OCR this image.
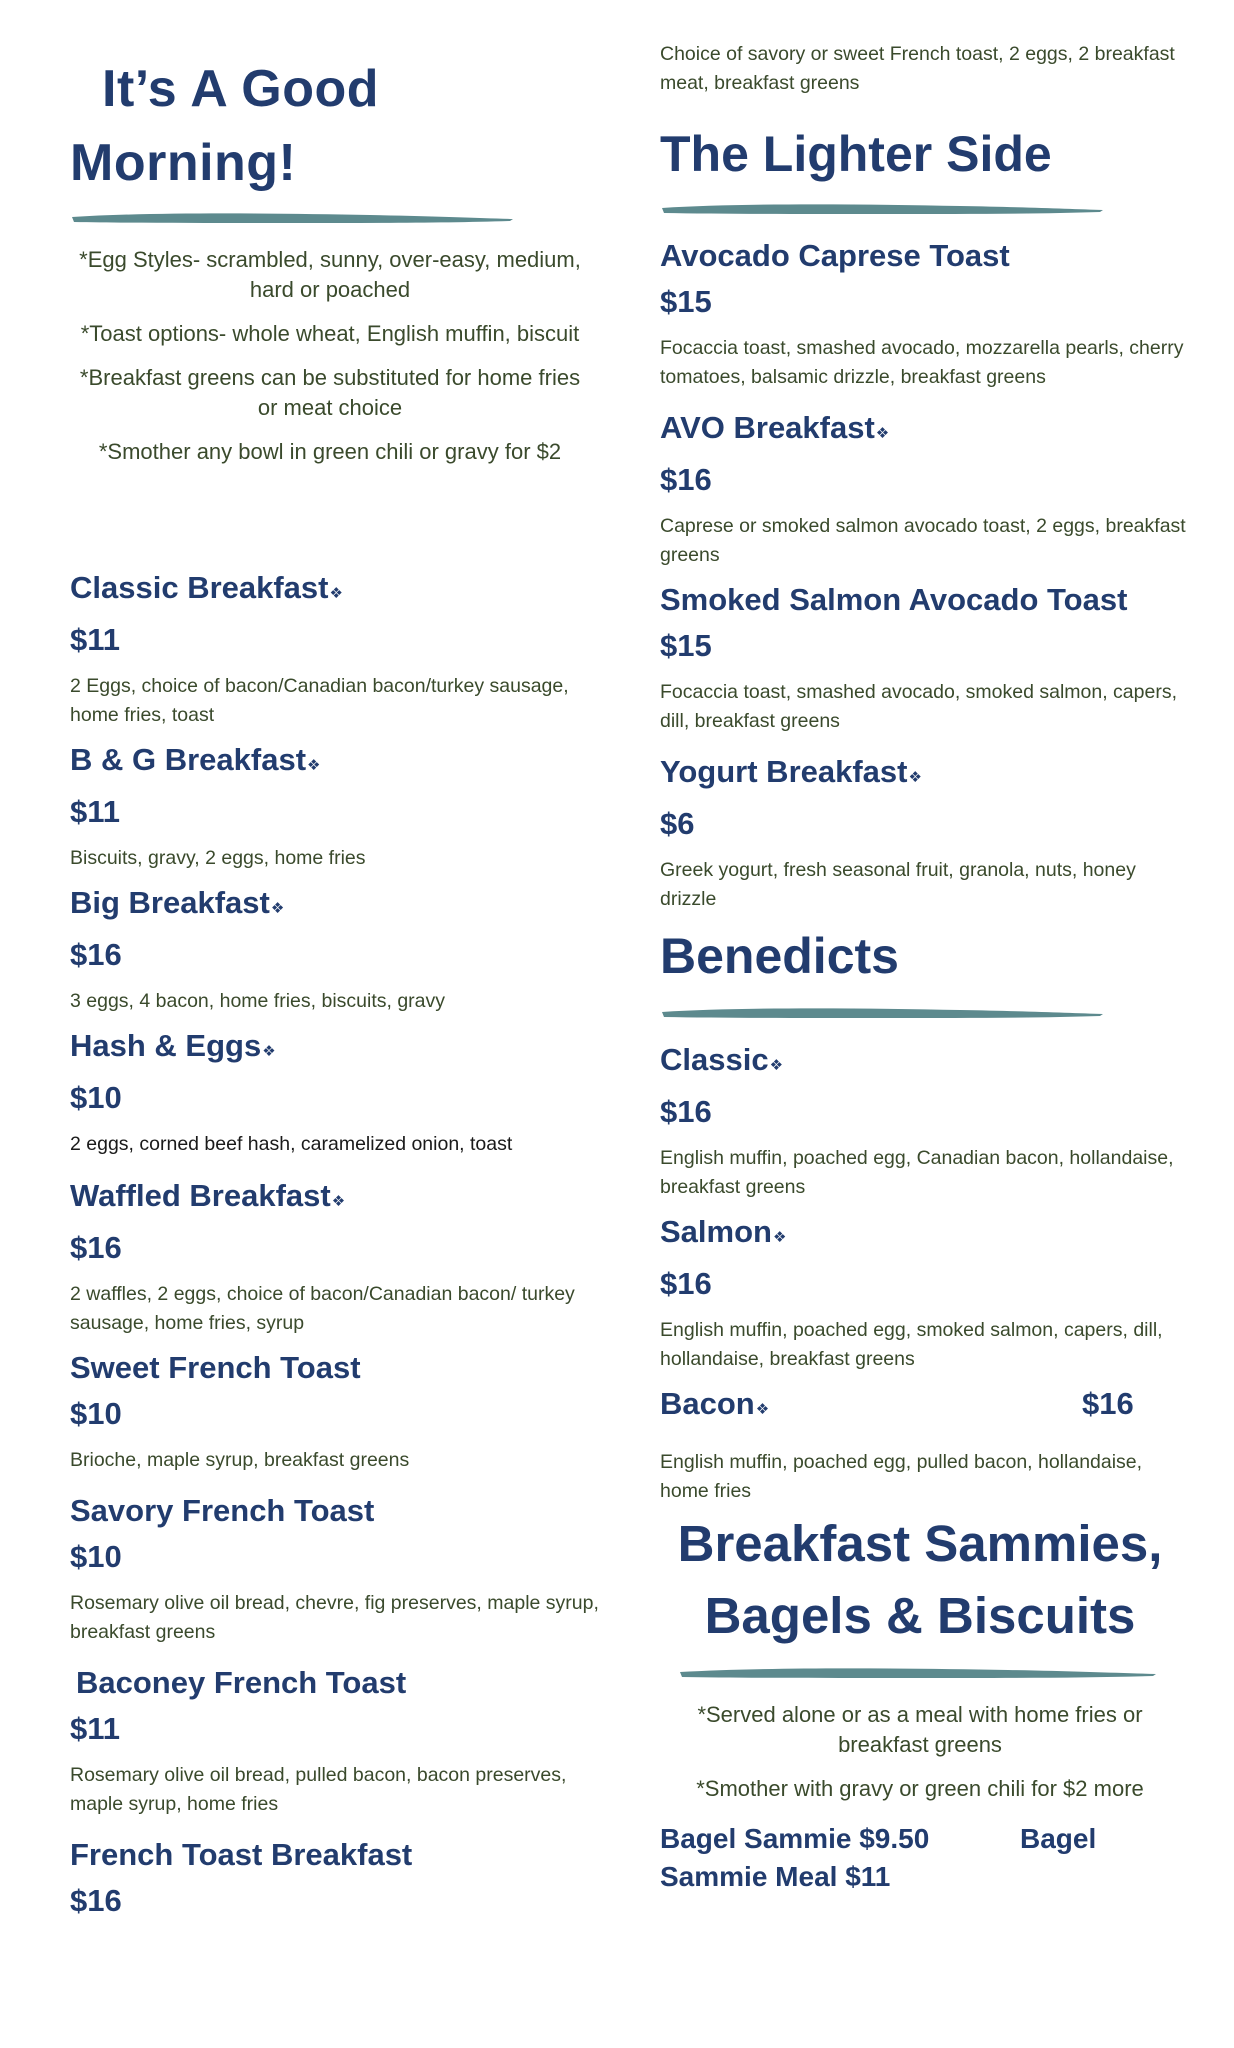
It’s A Good

Morning!

*Egg Styles- scrambled, sunny, over-easy, medium, hard or poached

*Toast options- whole wheat, English muffin, biscuit

*Breakfast greens can be substituted for home fries or meat choice

*Smother any bowl in green chili or gravy for $2

Classic Breakfast❖

$11

2 Eggs, choice of bacon/Canadian bacon/turkey sausage, home fries, toast

B & G Breakfast❖

$11

Biscuits, gravy, 2 eggs, home fries

Big Breakfast❖

$16

3 eggs, 4 bacon, home fries, biscuits, gravy

Hash & Eggs❖

$10

2 eggs, corned beef hash, caramelized onion, toast

Waffled Breakfast❖

$16

2 waffles, 2 eggs, choice of bacon/Canadian bacon/ turkey sausage, home fries, syrup

Sweet French Toast

$10

Brioche, maple syrup, breakfast greens

Savory French Toast

$10

Rosemary olive oil bread, chevre, fig preserves, maple syrup, breakfast greens

Baconey French Toast

$11

Rosemary olive oil bread, pulled bacon, bacon preserves, maple syrup, home fries

French Toast Breakfast

$16

Choice of savory or sweet French toast, 2 eggs, 2 breakfast meat, breakfast greens

The Lighter Side

Avocado Caprese Toast

$15

Focaccia toast, smashed avocado, mozzarella pearls, cherry tomatoes, balsamic drizzle, breakfast greens

AVO Breakfast❖

$16

Caprese or smoked salmon avocado toast, 2 eggs, breakfast greens

Smoked Salmon Avocado Toast

$15

Focaccia toast, smashed avocado, smoked salmon, capers, dill, breakfast greens

Yogurt Breakfast❖

$6

Greek yogurt, fresh seasonal fruit, granola, nuts, honey drizzle

Benedicts

Classic❖

$16

English muffin, poached egg, Canadian bacon, hollandaise, breakfast greens

Salmon❖

$16

English muffin, poached egg, smoked salmon, capers, dill, hollandaise, breakfast greens

Bacon❖	$16

English muffin, poached egg, pulled bacon, hollandaise, home fries

Breakfast Sammies,

Bagels & Biscuits

*Served alone or as a meal with home fries or breakfast greens

*Smother with gravy or green chili for $2 more

Bagel Sammie $9.50	Bagel

Sammie Meal $11
